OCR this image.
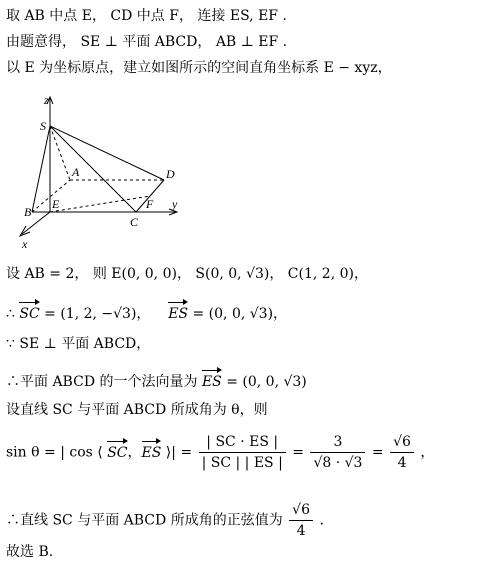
取 AB 中点 E， CD 中点 F， 连接 ES, EF .
由题意得， SE ⊥ 平面 ABCD， AB ⊥ EF .
以 E 为坐标原点，建立如图所示的空间直角坐标系 E − xyz，
z
S
A	D
B
E	F
C
y
x
设 AB = 2， 则 E(0, 0, 0)， S(0, 0, √3)， C(1, 2, 0)，
∴ SC = (1, 2, −√3)， ES = (0, 0, √3)，
∵ SE ⊥ 平面 ABCD，
∴平面 ABCD 的一个法向量为 ES = (0, 0, √3)
设直线 SC 与平面 ABCD 所成角为 θ，则
sin θ = | cos ⟨ SC，ES ⟩| = $\frac{| SC \cdot ES |}{| SC | | ES |} = \frac{3}{√8 \cdot √3} = \frac{√6}{4}$ ，
∴直线 SC 与平面 ABCD 所成角的正弦值为 $\frac{√6}{4}$ .
故选 B.
